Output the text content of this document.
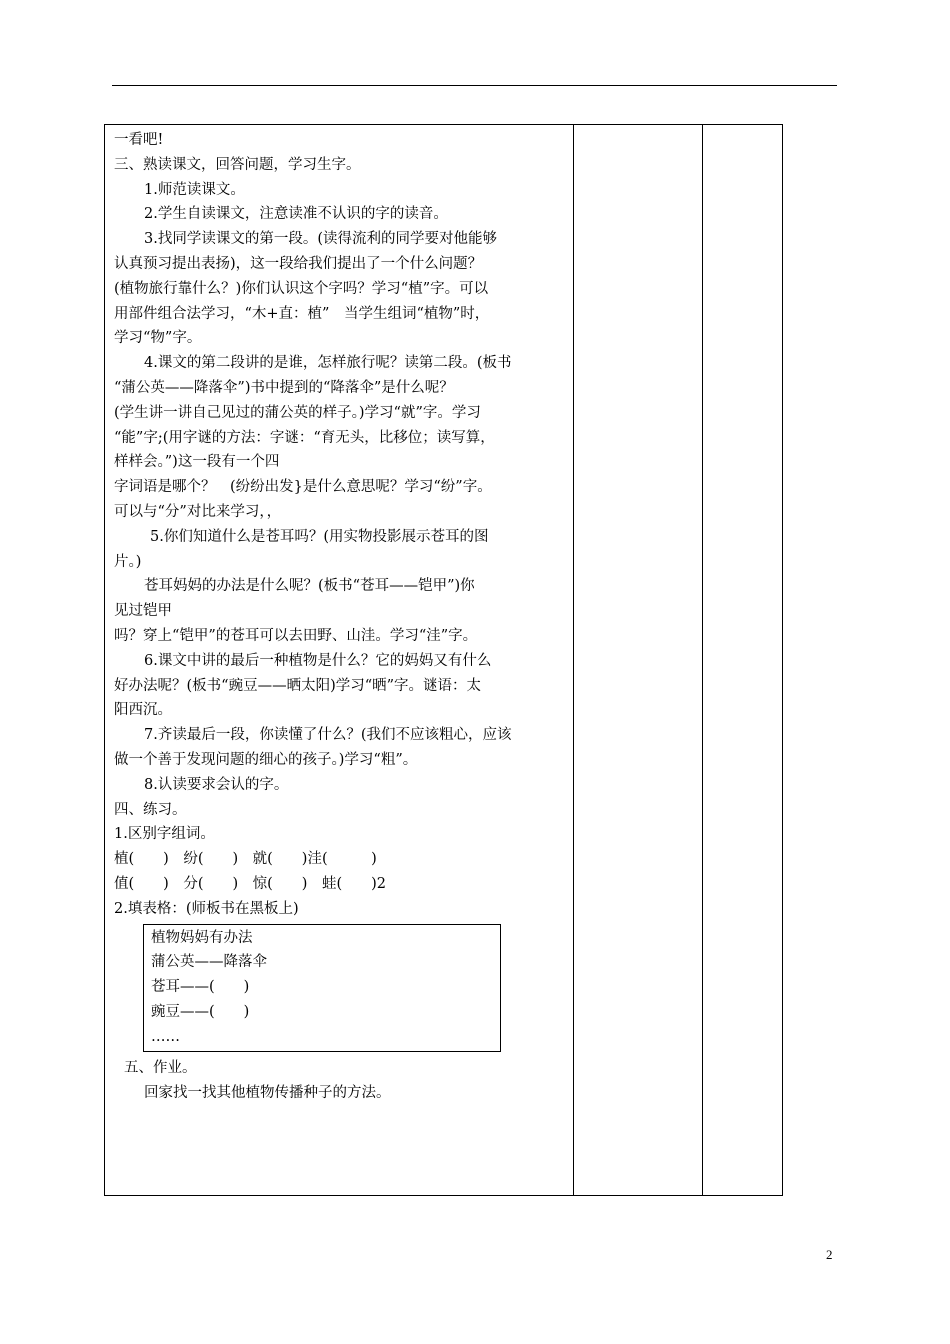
一看吧!

三、熟读课文，回答问题，学习生字。

1.师范读课文。

2.学生自读课文，注意读准不认识的字的读音。

3.找同学读课文的第一段。(读得流利的同学要对他能够

认真预习提出表扬)，这一段给我们提出了一个什么问题？

(植物旅行靠什么？)你们认识这个字吗？学习“植”字。可以

用部件组合法学习，“木+直：植”　当学生组词“植物”时，

学习“物”字。

4.课文的第二段讲的是谁，怎样旅行呢？读第二段。(板书

“蒲公英——降落伞”)书中提到的“降落伞”是什么呢？

(学生讲一讲自己见过的蒲公英的样子。)学习“就”字。学习

“能”字;(用字谜的方法：字谜：“育无头，比移位；读写算，

样样会。”)这一段有一个四

字词语是哪个？　(纷纷出发}是什么意思呢？学习“纷”字。

可以与“分”对比来学习，，

5.你们知道什么是苍耳吗？(用实物投影展示苍耳的图

片。)

苍耳妈妈的办法是什么呢？(板书“苍耳——铠甲”)你

见过铠甲

吗？穿上“铠甲”的苍耳可以去田野、山洼。学习“洼”字。

6.课文中讲的最后一种植物是什么？它的妈妈又有什么

好办法呢？(板书“豌豆——晒太阳)学习“晒”字。谜语：太

阳西沉。

7.齐读最后一段，你读懂了什么？(我们不应该粗心，应该

做一个善于发现问题的细心的孩子。)学习“粗”。

8.认读要求会认的字。

四、练习。

1.区别字组词。

植(　　)　纷(　　)　就(　　)洼(　　　)

值(　　)　分(　　)　惊(　　)　蛙(　　)2

2.填表格：(师板书在黑板上)

植物妈妈有办法

蒲公英——降落伞

苍耳——(　　)

豌豆——(　　)

……

五、作业。

回家找一找其他植物传播种子的方法。

2
